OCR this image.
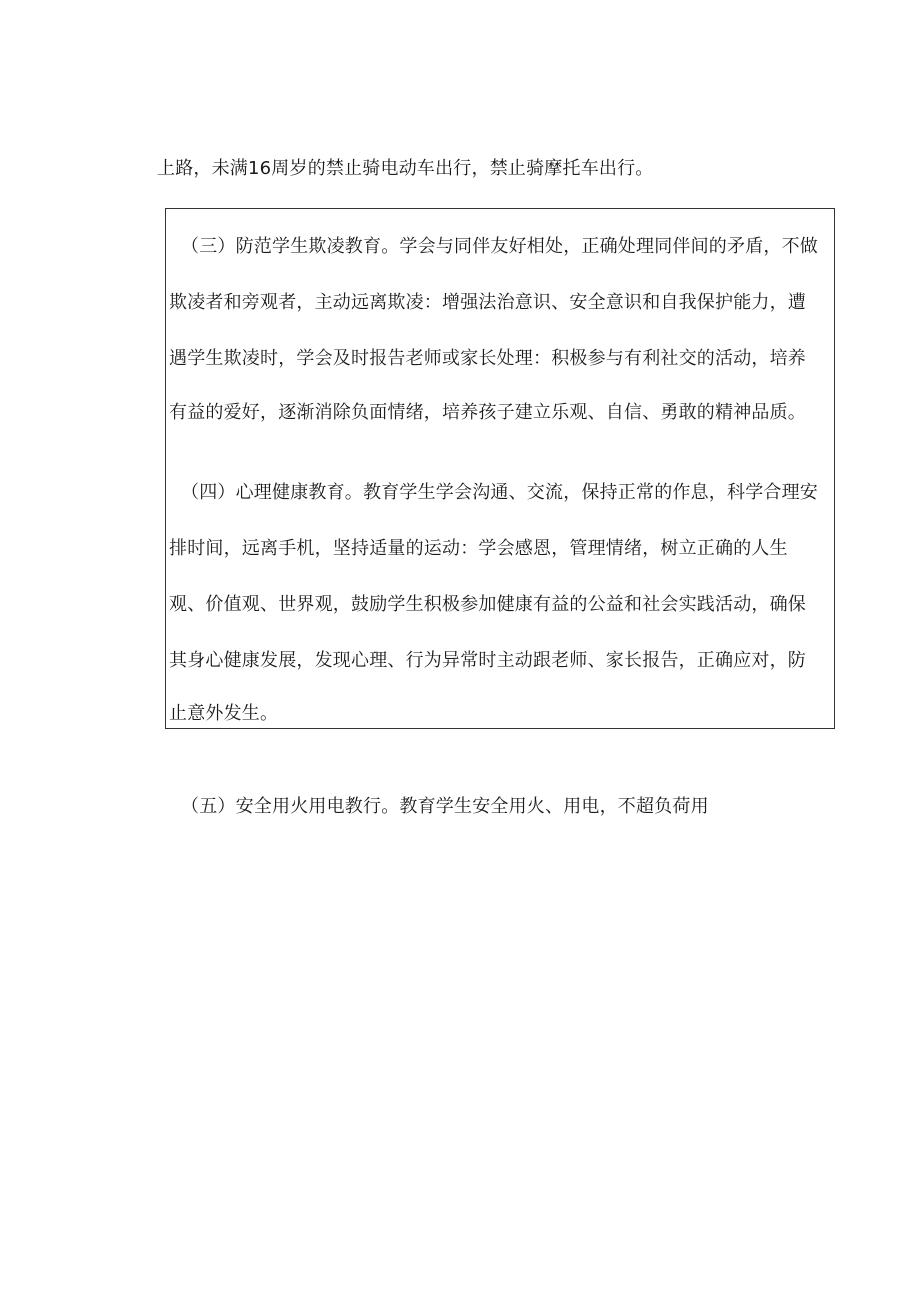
上路，未满16周岁的禁止骑电动车出行，禁止骑摩托车出行。
（三）防范学生欺凌教育。学会与同伴友好相处，正确处理同伴间的矛盾，不做
欺凌者和旁观者，主动远离欺凌：增强法治意识、安全意识和自我保护能力，遭
遇学生欺凌时，学会及时报告老师或家长处理：积极参与有利社交的活动，培养
有益的爱好，逐渐消除负面情绪，培养孩子建立乐观、自信、勇敢的精神品质。
（四）心理健康教育。教育学生学会沟通、交流，保持正常的作息，科学合理安
排时间，远离手机，坚持适量的运动：学会感恩，管理情绪，树立正确的人生
观、价值观、世界观，鼓励学生积极参加健康有益的公益和社会实践活动，确保
其身心健康发展，发现心理、行为异常时主动跟老师、家长报告，正确应对，防
止意外发生。
（五）安全用火用电教行。教育学生安全用火、用电，不超负荷用
